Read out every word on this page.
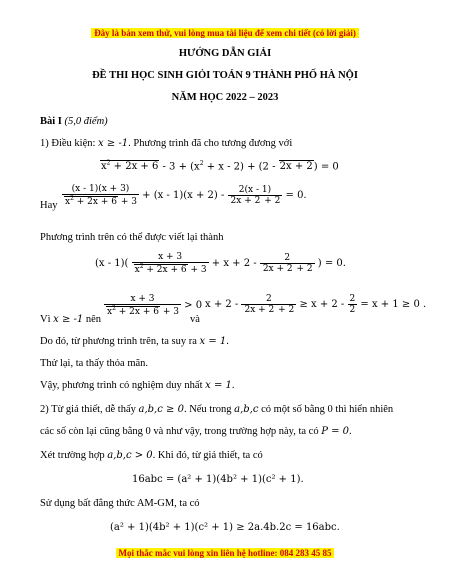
Đây là bản xem thử, vui lòng mua tài liệu để xem chi tiết (có lời giải)
HƯỚNG DẪN GIẢI
ĐỀ THI HỌC SINH GIỎI TOÁN 9 THÀNH PHỐ HÀ NỘI
NĂM HỌC 2022 – 2023
Bài I (5,0 điểm)
1) Điều kiện: x ≥ -1. Phương trình đã cho tương đương với
$x^2 + 2x + 6 - 3 + (x^2 + x - 2) + (2 - 2x + 2) = 0$
Hay $\frac{(x - 1)(x + 3)}{x^2 + 2x + 6 + 3} + (x - 1)(x + 2) - \frac{2(x - 1)}{2x + 2 + 2} = 0$.
Phương trình trên có thể được viết lại thành
$(x - 1)( \frac{x + 3}{x^2 + 2x + 6 + 3} + x + 2 - \frac{2}{2x + 2 + 2}$ ) = 0.
Vì x ≥ -1 nên
$\frac{x + 3}{x^2 + 2x + 6 + 3} > 0$
và
$x + 2 - \frac{2}{2x + 2 + 2} \ge x + 2 - \frac{2}{2} = x + 1 \ge 0$ .
Do đó, từ phương trình trên, ta suy ra x = 1.
Thử lại, ta thấy thỏa mãn.
Vậy, phương trình có nghiệm duy nhất x = 1.
2) Từ giả thiết, dễ thấy a,b,c ≥ 0. Nếu trong a,b,c có một số bằng 0 thì hiển nhiên
các số còn lại cũng bằng 0 và như vậy, trong trường hợp này, ta có P = 0.
Xét trường hợp a,b,c > 0. Khi đó, từ giả thiết, ta có
16abc = (a² + 1)(4b² + 1)(c² + 1).
Sử dụng bất đẳng thức AM-GM, ta có
(a² + 1)(4b² + 1)(c² + 1) ≥ 2a.4b.2c = 16abc.
Mọi thắc mắc vui lòng xin liên hệ hotline: 084 283 45 85
